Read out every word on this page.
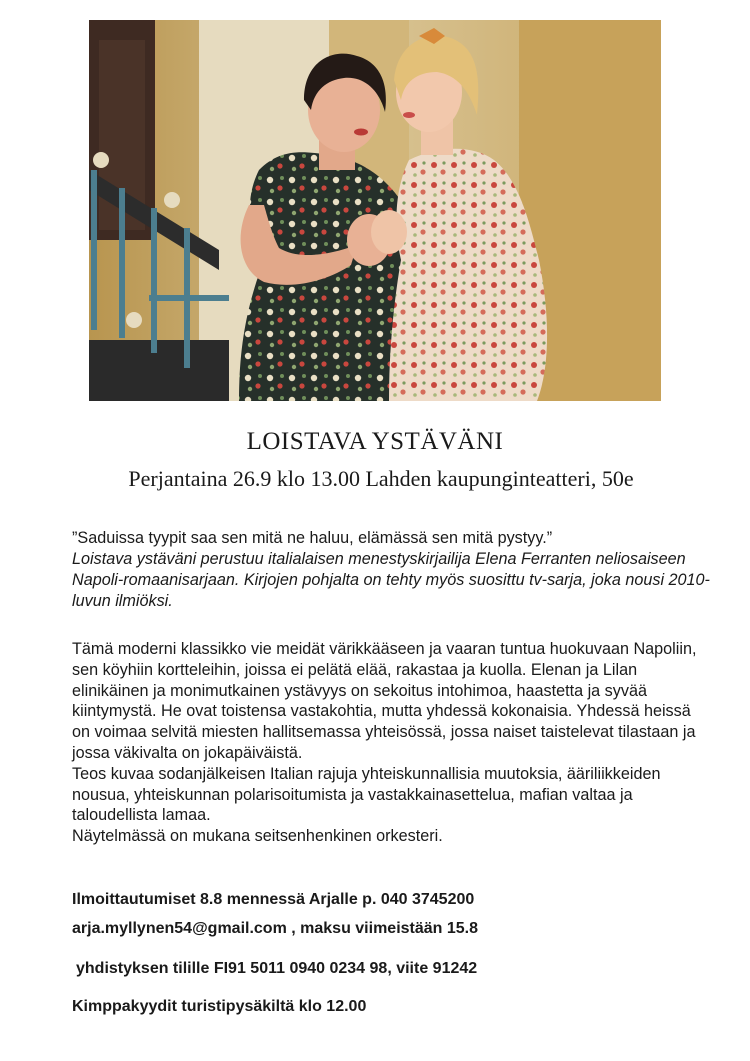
LOISTAVA YSTÄVÄNI
Perjantaina 26.9 klo 13.00 Lahden kaupunginteatteri, 50e

”Saduissa tyypit saa sen mitä ne haluu, elämässä sen mitä pystyy.”

Loistava ystäväni perustuu italialaisen menestyskirjailija Elena Ferranten neliosaiseen Napoli-romaanisarjaan. Kirjojen pohjalta on tehty myös suosittu tv-sarja, joka nousi 2010-luvun ilmiöksi.

Tämä moderni klassikko vie meidät värikkääseen ja vaaran tuntua huokuvaan Napoliin, sen köyhiin kortteleihin, joissa ei pelätä elää, rakastaa ja kuolla. Elenan ja Lilan elinikäinen ja monimutkainen ystävyys on sekoitus intohimoa, haastetta ja syvää kiintymystä. He ovat toistensa vastakohtia, mutta yhdessä kokonaisia. Yhdessä heissä on voimaa selvitä miesten hallitsemassa yhteisössä, jossa naiset taistelevat tilastaan ja jossa väkivalta on jokapäiväistä.

Teos kuvaa sodanjälkeisen Italian rajuja yhteiskunnallisia muutoksia, ääriliikkeiden nousua, yhteiskunnan polarisoitumista ja vastakkainasettelua, mafian valtaa ja taloudellista lamaa.

Näytelmässä on mukana seitsenhenkinen orkesteri.

Ilmoittautumiset 8.8 mennessä Arjalle p. 040 3745200

arja.myllynen54@gmail.com , maksu viimeistään 15.8

yhdistyksen tilille FI91 5011 0940 0234 98, viite 91242

Kimppakyydit turistipysäkiltä klo 12.00
